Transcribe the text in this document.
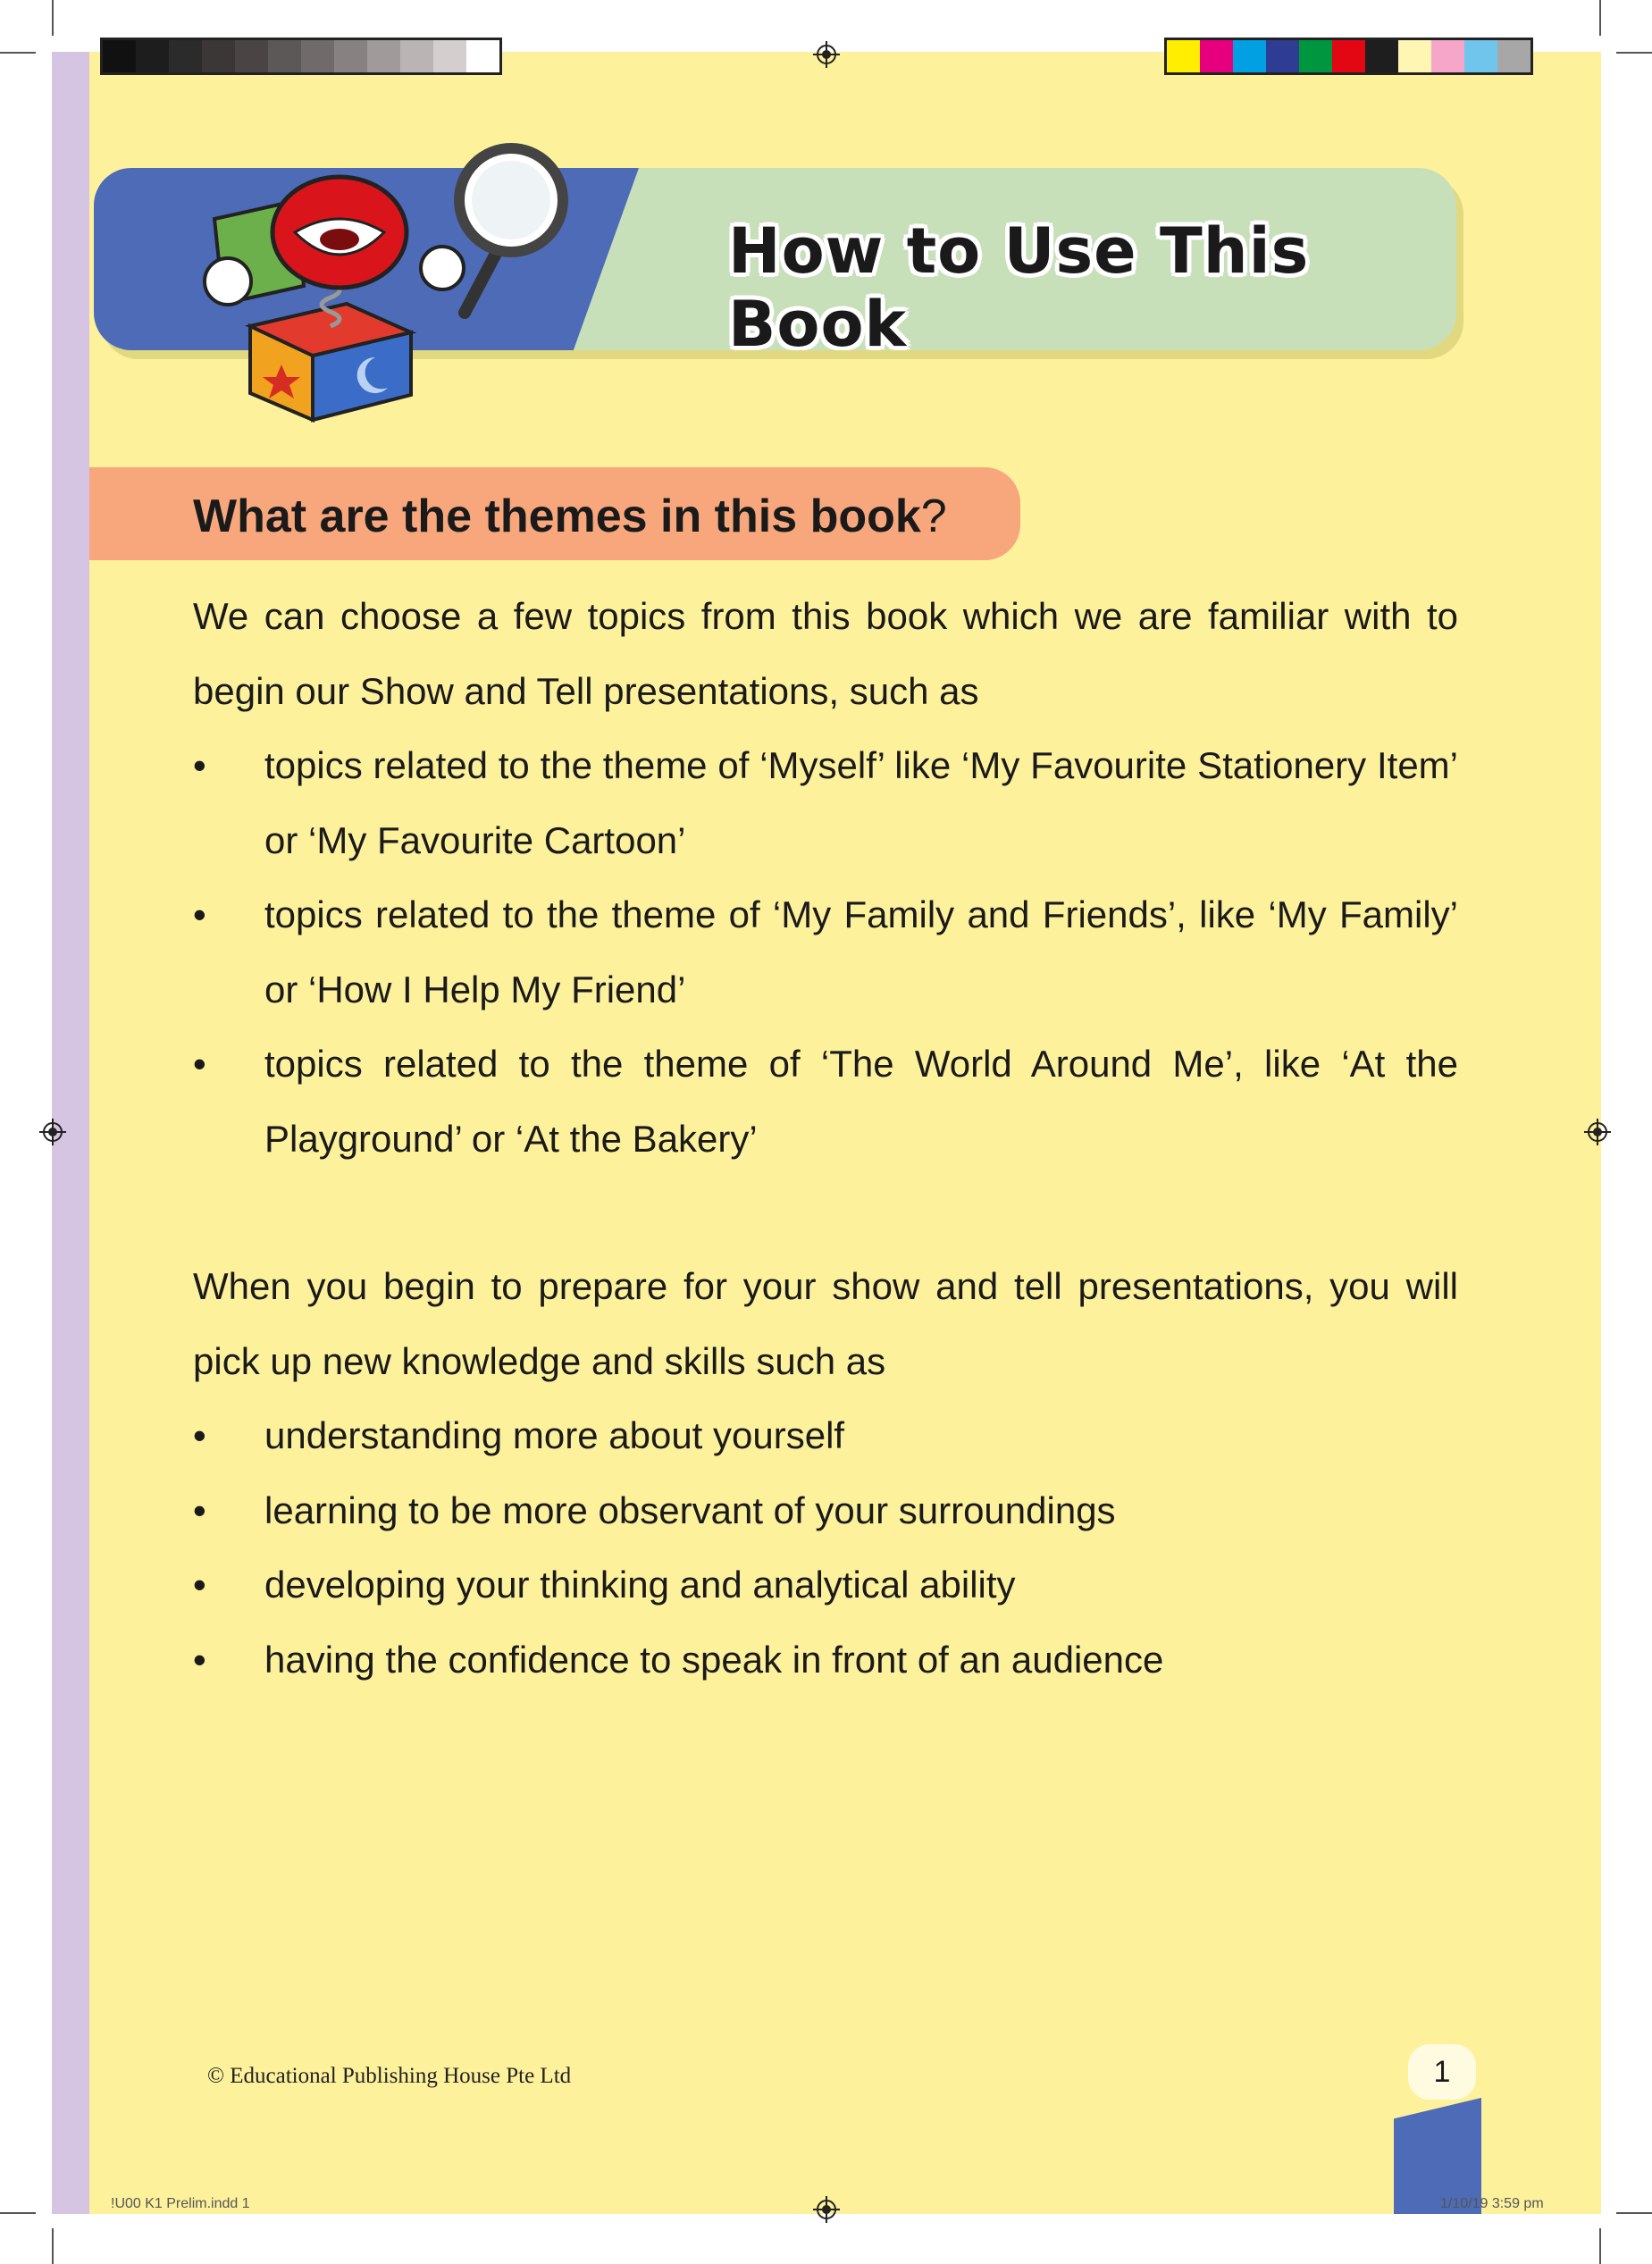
How to Use This Book
What are the themes in this book?

We can choose a few topics from this book which we are familiar with to begin our Show and Tell presentations, such as

• topics related to the theme of ‘Myself’ like ‘My Favourite Stationery Item’ or ‘My Favourite Cartoon’
• topics related to the theme of ‘My Family and Friends’, like ‘My Family’ or ‘How I Help My Friend’
• topics related to the theme of ‘The World Around Me’, like ‘At the Playground’ or ‘At the Bakery’

When you begin to prepare for your show and tell presentations, you will pick up new knowledge and skills such as

• understanding more about yourself
• learning to be more observant of your surroundings
• developing your thinking and analytical ability
• having the confidence to speak in front of an audience
© Educational Publishing House Pte Ltd	1
!U00 K1 Prelim.indd 1	1/10/19 3:59 pm
